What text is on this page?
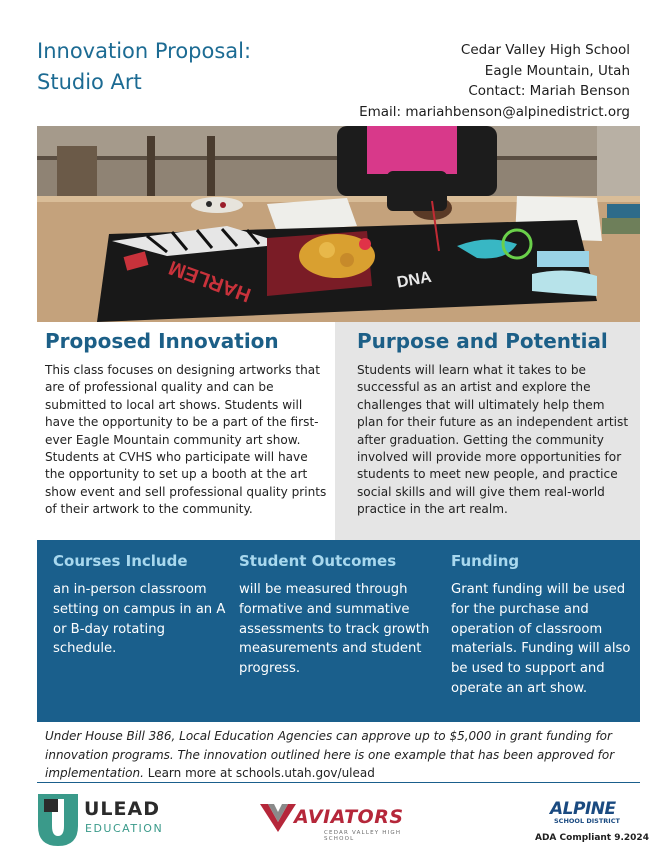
Innovation Proposal:
Studio Art
Cedar Valley High School
Eagle Mountain, Utah
Contact: Mariah Benson
Email: mariahbenson@alpinedistrict.org
HARLEM	DNA
Proposed Innovation

This class focuses on designing artworks that are of professional quality and can be submitted to local art shows. Students will have the opportunity to be a part of the first-ever Eagle Mountain community art show. Students at CVHS who participate will have the opportunity to set up a booth at the art show event and sell professional quality prints of their artwork to the community.

Purpose and Potential

Students will learn what it takes to be successful as an artist and explore the challenges that will ultimately help them plan for their future as an independent artist after graduation. Getting the community involved will provide more opportunities for students to meet new people, and practice social skills and will give them real-world practice in the art realm.

Courses Include

an in-person classroom setting on campus in an A or B-day rotating schedule.

Student Outcomes

will be measured through formative and summative assessments to track growth measurements and student progress.

Funding

Grant funding will be used for the purchase and operation of classroom materials. Funding will also be used to support and operate an art show.

Under House Bill 386, Local Education Agencies can approve up to $5,000 in grant funding for innovation programs. The innovation outlined here is one example that has been approved for implementation. Learn more at schools.utah.gov/ulead

ULEAD
EDUCATION
AVIATORS
CEDAR VALLEY HIGH SCHOOL
ALPINE
SCHOOL DISTRICT
ADA Compliant 9.2024
